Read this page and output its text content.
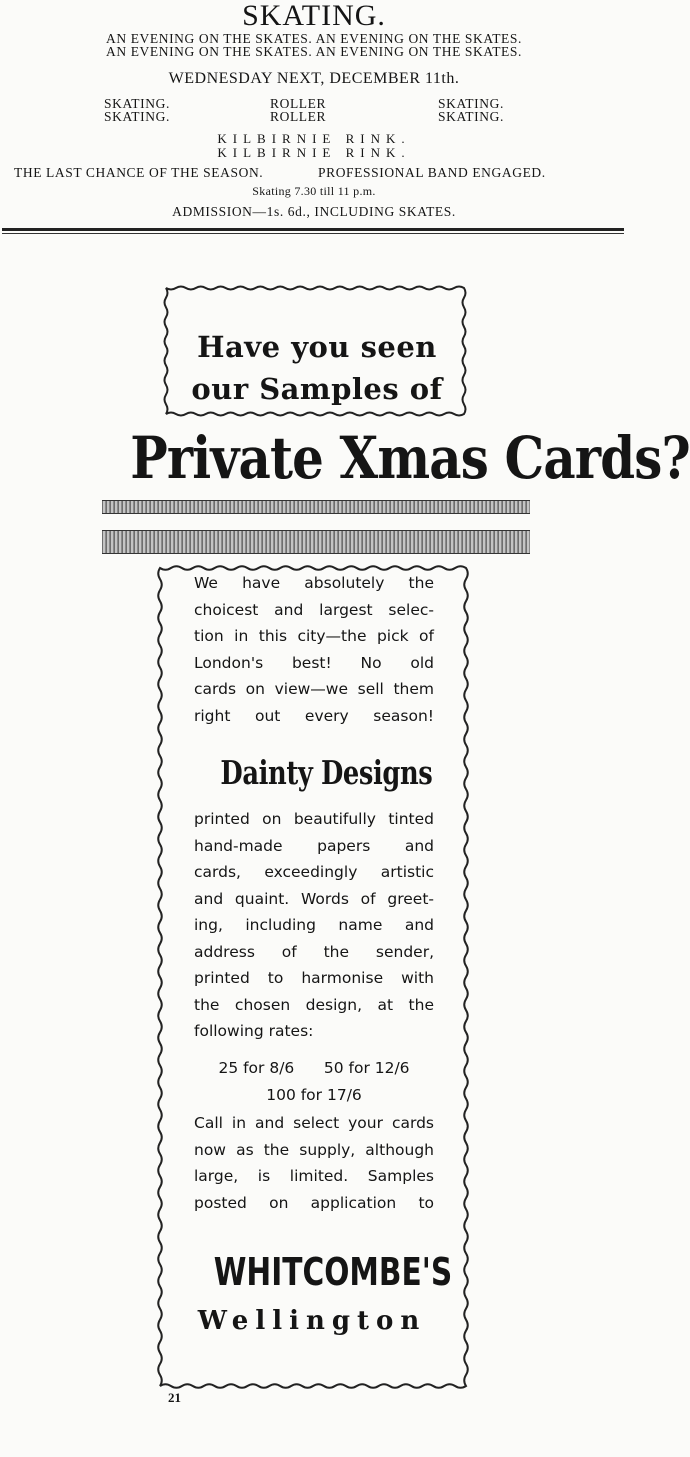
SKATING.
AN EVENING ON THE SKATES. AN EVENING ON THE SKATES.
AN EVENING ON THE SKATES. AN EVENING ON THE SKATES.
WEDNESDAY NEXT, DECEMBER 11th.
SKATING.
SKATING.
ROLLER
ROLLER
SKATING.
SKATING.
KILBIRNIE RINK.
KILBIRNIE RINK.
THE LAST CHANCE OF THE SEASON.	PROFESSIONAL BAND ENGAGED.
Skating 7.30 till 11 p.m.
ADMISSION—1s. 6d., INCLUDING SKATES.
Have you seen
our Samples of
Private Xmas Cards?
We have absolutely the
choicest and largest selec-
tion in this city—the pick of
London's best! No old
cards on view—we sell them
right out every season!
Dainty Designs
printed on beautifully tinted
hand-made papers and
cards, exceedingly artistic
and quaint. Words of greet-
ing, including name and
address of the sender,
printed to harmonise with
the chosen design, at the
following rates:
25 for 8/6      50 for 12/6
100 for 17/6
Call in and select your cards
now as the supply, although
large, is limited. Samples
posted on application to
WHITCOMBE'S
Wellington
21
